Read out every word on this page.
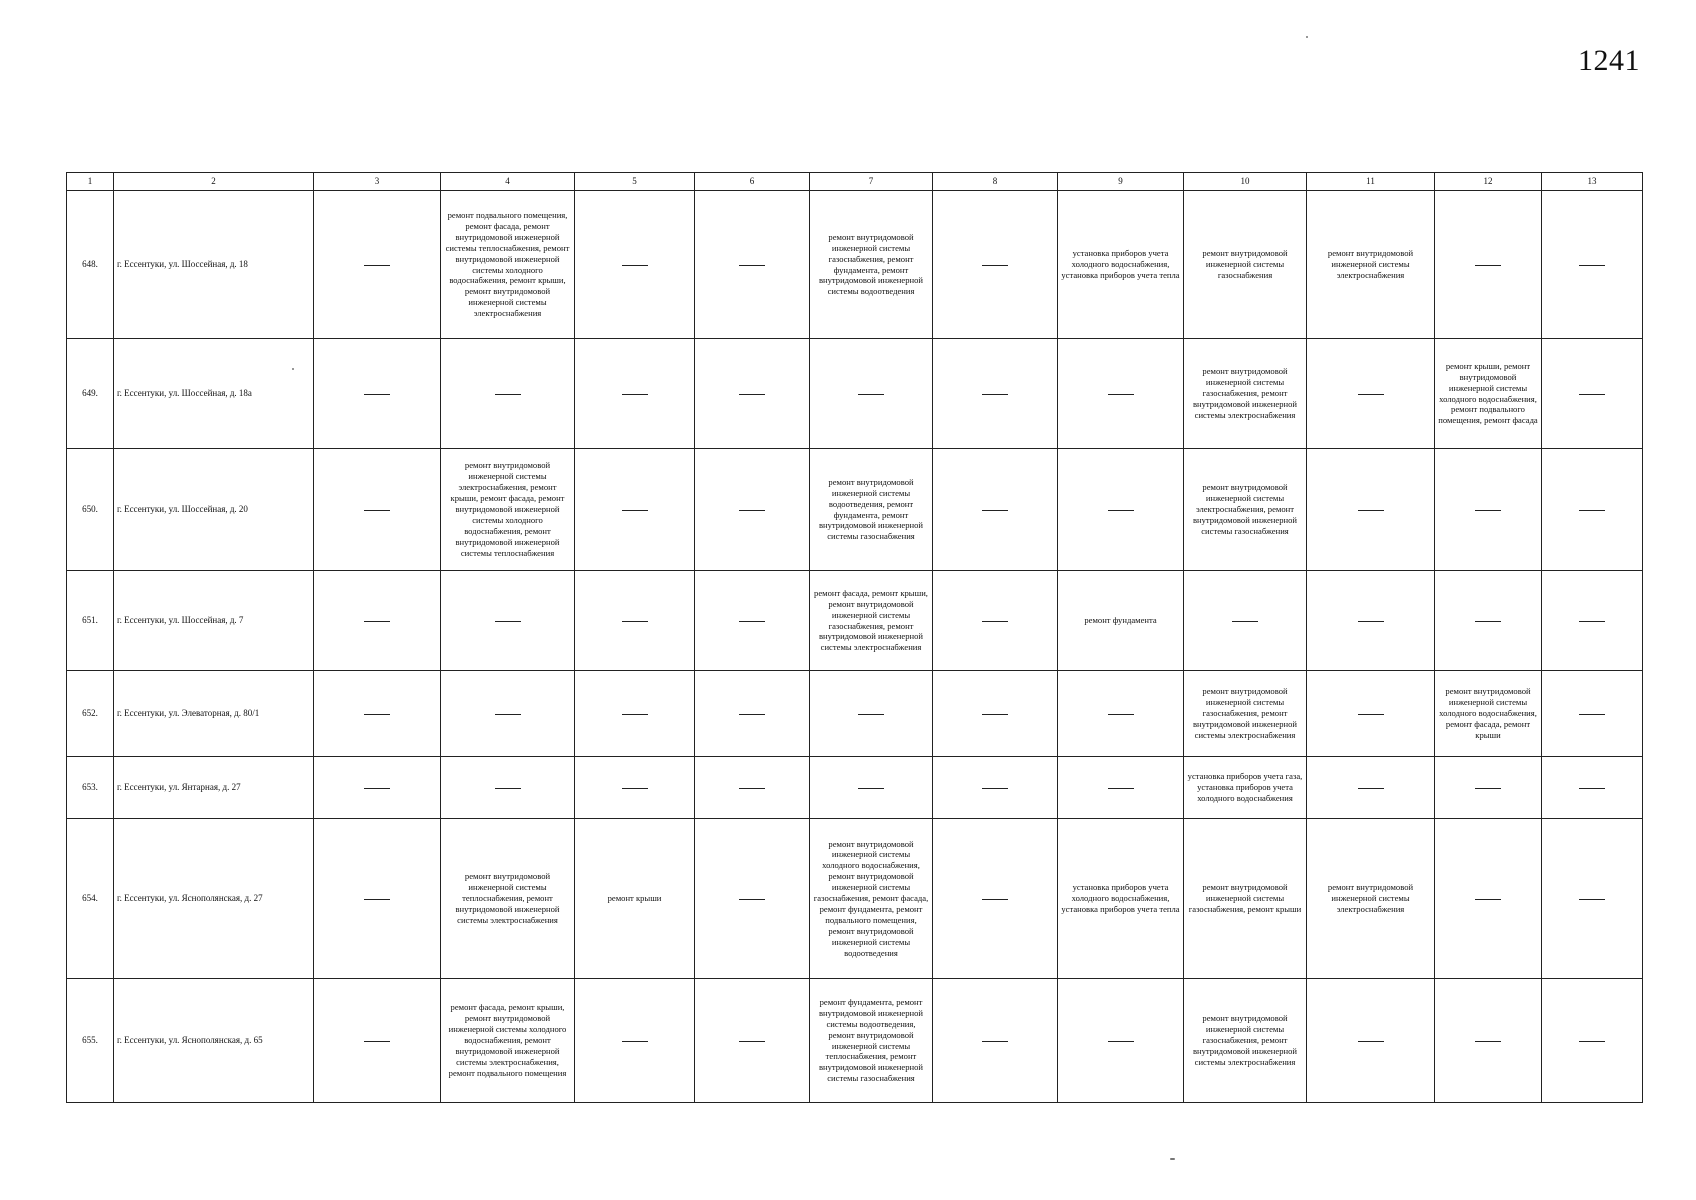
1241
1	2	3	4	5	6	7	8	9	10	11	12	13
648.	г. Ессентуки, ул. Шоссейная, д. 18		ремонт подвального помещения, ремонт фасада, ремонт внутридомовой инженерной системы теплоснабжения, ремонт внутридомовой инженерной системы холодного водоснабжения, ремонт крыши, ремонт внутридомовой инженерной системы электроснабжения			ремонт внутридомовой инженерной системы газоснабжения, ремонт фундамента, ремонт внутридомовой инженерной системы водоотведения		установка приборов учета холодного водоснабжения, установка приборов учета тепла	ремонт внутридомовой инженерной системы газоснабжения	ремонт внутридомовой инженерной системы электроснабжения		
649.	г. Ессентуки, ул. Шоссейная, д. 18а								ремонт внутридомовой инженерной системы газоснабжения, ремонт внутридомовой инженерной системы электроснабжения		ремонт крыши, ремонт внутридомовой инженерной системы холодного водоснабжения, ремонт подвального помещения, ремонт фасада	
650.	г. Ессентуки, ул. Шоссейная, д. 20		ремонт внутридомовой инженерной системы электроснабжения, ремонт крыши, ремонт фасада, ремонт внутридомовой инженерной системы холодного водоснабжения, ремонт внутридомовой инженерной системы теплоснабжения			ремонт внутридомовой инженерной системы водоотведения, ремонт фундамента, ремонт внутридомовой инженерной системы газоснабжения			ремонт внутридомовой инженерной системы электроснабжения, ремонт внутридомовой инженерной системы газоснабжения			
651.	г. Ессентуки, ул. Шоссейная, д. 7					ремонт фасада, ремонт крыши, ремонт внутридомовой инженерной системы газоснабжения, ремонт внутридомовой инженерной системы электроснабжения		ремонт фундамента				
652.	г. Ессентуки, ул. Элеваторная, д. 80/1								ремонт внутридомовой инженерной системы газоснабжения, ремонт внутридомовой инженерной системы электроснабжения		ремонт внутридомовой инженерной системы холодного водоснабжения, ремонт фасада, ремонт крыши	
653.	г. Ессентуки, ул. Янтарная, д. 27								установка приборов учета газа, установка приборов учета холодного водоснабжения			
654.	г. Ессентуки, ул. Яснополянская, д. 27		ремонт внутридомовой инженерной системы теплоснабжения, ремонт внутридомовой инженерной системы электроснабжения	ремонт крыши		ремонт внутридомовой инженерной системы холодного водоснабжения, ремонт внутридомовой инженерной системы газоснабжения, ремонт фасада, ремонт фундамента, ремонт подвального помещения, ремонт внутридомовой инженерной системы водоотведения		установка приборов учета холодного водоснабжения, установка приборов учета тепла	ремонт внутридомовой инженерной системы газоснабжения, ремонт крыши	ремонт внутридомовой инженерной системы электроснабжения		
655.	г. Ессентуки, ул. Яснополянская, д. 65		ремонт фасада, ремонт крыши, ремонт внутридомовой инженерной системы холодного водоснабжения, ремонт внутридомовой инженерной системы электроснабжения, ремонт подвального помещения			ремонт фундамента, ремонт внутридомовой инженерной системы водоотведения, ремонт внутридомовой инженерной системы теплоснабжения, ремонт внутридомовой инженерной системы газоснабжения			ремонт внутридомовой инженерной системы газоснабжения, ремонт внутридомовой инженерной системы электроснабжения			
